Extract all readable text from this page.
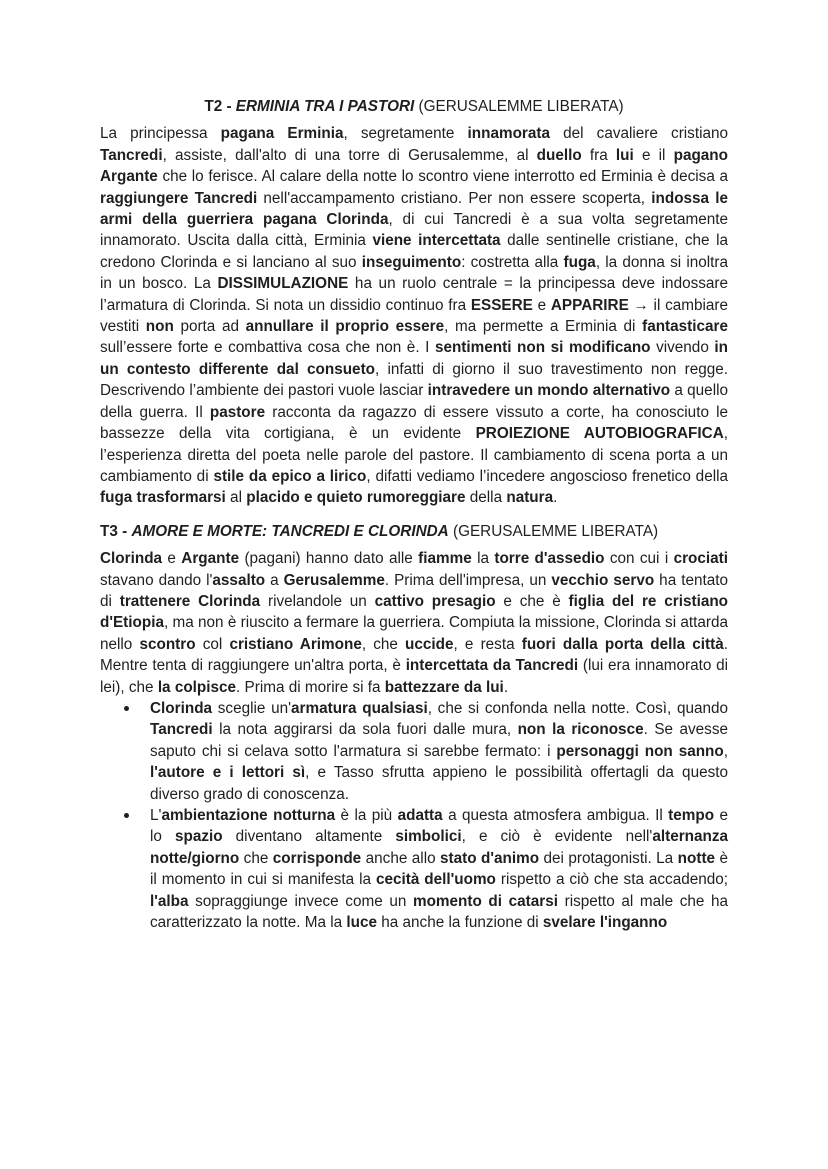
T2 - ERMINIA TRA I PASTORI (GERUSALEMME LIBERATA)

La principessa pagana Erminia, segretamente innamorata del cavaliere cristiano Tancredi, assiste, dall'alto di una torre di Gerusalemme, al duello fra lui e il pagano Argante che lo ferisce. Al calare della notte lo scontro viene interrotto ed Erminia è decisa a raggiungere Tancredi nell'accampamento cristiano. Per non essere scoperta, indossa le armi della guerriera pagana Clorinda, di cui Tancredi è a sua volta segretamente innamorato. Uscita dalla città, Erminia viene intercettata dalle sentinelle cristiane, che la credono Clorinda e si lanciano al suo inseguimento: costretta alla fuga, la donna si inoltra in un bosco. La DISSIMULAZIONE ha un ruolo centrale = la principessa deve indossare l’armatura di Clorinda. Si nota un dissidio continuo fra ESSERE e APPARIRE → il cambiare vestiti non porta ad annullare il proprio essere, ma permette a Erminia di fantasticare sull’essere forte e combattiva cosa che non è. I sentimenti non si modificano vivendo in un contesto differente dal consueto, infatti di giorno il suo travestimento non regge. Descrivendo l’ambiente dei pastori vuole lasciar intravedere un mondo alternativo a quello della guerra. Il pastore racconta da ragazzo di essere vissuto a corte, ha conosciuto le bassezze della vita cortigiana, è un evidente PROIEZIONE AUTOBIOGRAFICA, l’esperienza diretta del poeta nelle parole del pastore. Il cambiamento di scena porta a un cambiamento di stile da epico a lirico, difatti vediamo l’incedere angoscioso frenetico della fuga trasformarsi al placido e quieto rumoreggiare della natura.

T3 - AMORE E MORTE: TANCREDI E CLORINDA (GERUSALEMME LIBERATA)

Clorinda e Argante (pagani) hanno dato alle fiamme la torre d'assedio con cui i crociati stavano dando l'assalto a Gerusalemme. Prima dell'impresa, un vecchio servo ha tentato di trattenere Clorinda rivelandole un cattivo presagio e che è figlia del re cristiano d'Etiopia, ma non è riuscito a fermare la guerriera. Compiuta la missione, Clorinda si attarda nello scontro col cristiano Arimone, che uccide, e resta fuori dalla porta della città. Mentre tenta di raggiungere un'altra porta, è intercettata da Tancredi (lui era innamorato di lei), che la colpisce. Prima di morire si fa battezzare da lui.

Clorinda sceglie un'armatura qualsiasi, che si confonda nella notte. Così, quando Tancredi la nota aggirarsi da sola fuori dalle mura, non la riconosce. Se avesse saputo chi si celava sotto l'armatura si sarebbe fermato: i personaggi non sanno, l'autore e i lettori sì, e Tasso sfrutta appieno le possibilità offertagli da questo diverso grado di conoscenza.
L'ambientazione notturna è la più adatta a questa atmosfera ambigua. Il tempo e lo spazio diventano altamente simbolici, e ciò è evidente nell'alternanza notte/giorno che corrisponde anche allo stato d'animo dei protagonisti. La notte è il momento in cui si manifesta la cecità dell'uomo rispetto a ciò che sta accadendo; l'alba sopraggiunge invece come un momento di catarsi rispetto al male che ha caratterizzato la notte. Ma la luce ha anche la funzione di svelare l'inganno
